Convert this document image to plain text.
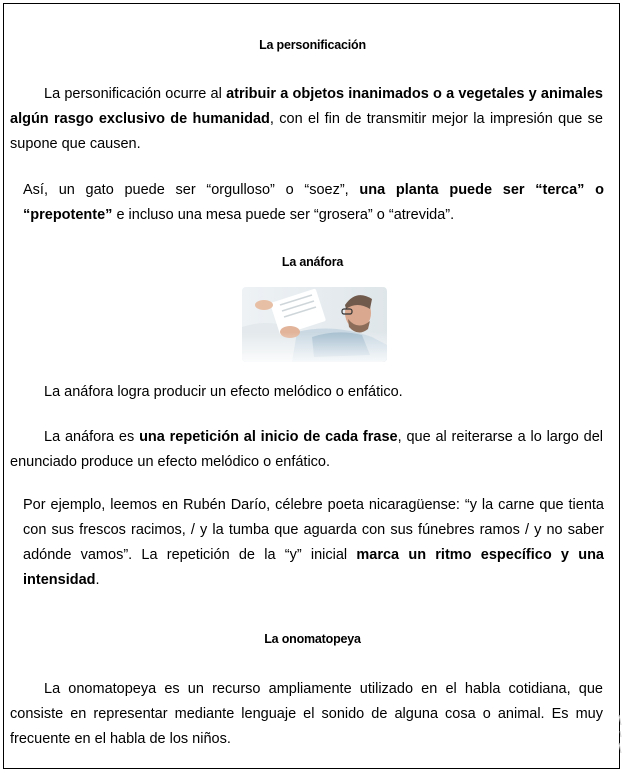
La personificación
La personificación ocurre al atribuir a objetos inanimados o a vegetales y animales algún rasgo exclusivo de humanidad, con el fin de transmitir mejor la impresión que se supone que causen.
Así, un gato puede ser “orgulloso” o “soez”, una planta puede ser “terca” o “prepotente” e incluso una mesa puede ser “grosera” o “atrevida”.
La anáfora
La anáfora logra producir un efecto melódico o enfático.
La anáfora es una repetición al inicio de cada frase, que al reiterarse a lo largo del enunciado produce un efecto melódico o enfático.
Por ejemplo, leemos en Rubén Darío, célebre poeta nicaragüense: “y la carne que tienta con sus frescos racimos, / y la tumba que aguarda con sus fúnebres ramos / y no saber adónde vamos”. La repetición de la “y” inicial marca un ritmo específico y una intensidad.
La onomatopeya
La onomatopeya es un recurso ampliamente utilizado en el habla cotidiana, que consiste en representar mediante lenguaje el sonido de alguna cosa o animal. Es muy frecuente en el habla de los niños.
